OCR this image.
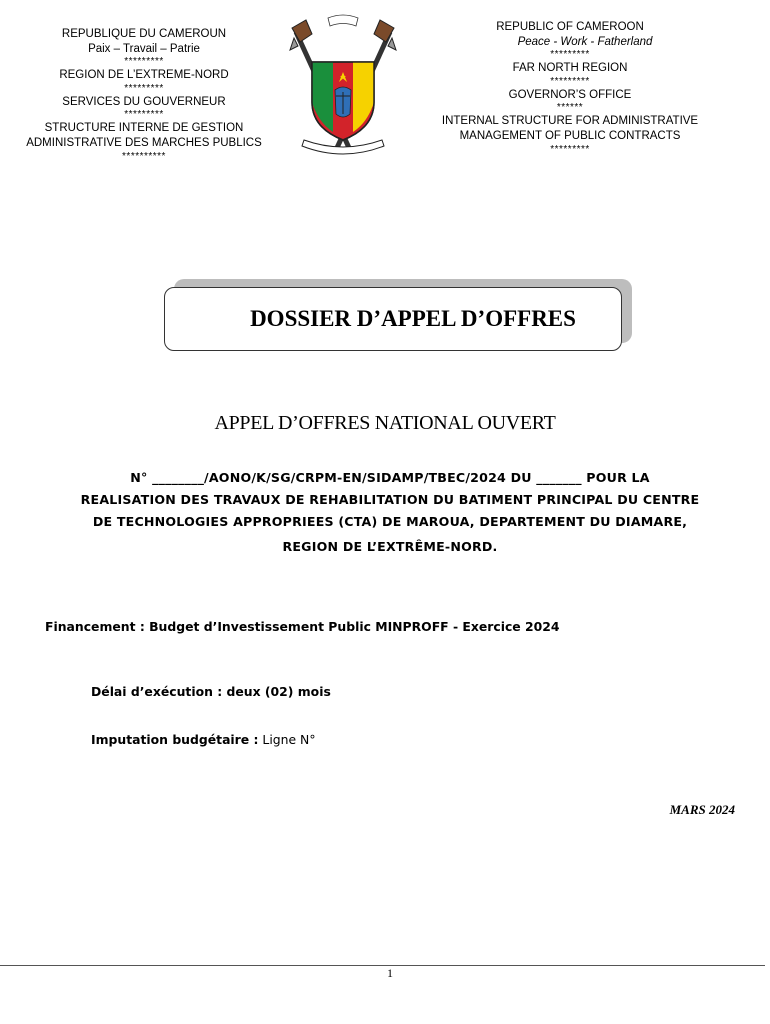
REPUBLIQUE DU CAMEROUN
Paix – Travail – Patrie
*********
REGION DE L’EXTREME-NORD
*********
SERVICES DU GOUVERNEUR
*********
STRUCTURE INTERNE DE GESTION
ADMINISTRATIVE DES MARCHES PUBLICS
**********
REPUBLIC OF CAMEROON
Peace - Work - Fatherland
*********
FAR NORTH REGION
*********
GOVERNOR’S OFFICE
******
INTERNAL STRUCTURE FOR ADMINISTRATIVE
MANAGEMENT OF PUBLIC CONTRACTS
*********
DOSSIER D’APPEL D’OFFRES
APPEL D’OFFRES NATIONAL OUVERT
N° ________/AONO/K/SG/CRPM-EN/SIDAMP/TBEC/2024 DU _______ POUR LA
REALISATION DES TRAVAUX DE REHABILITATION DU BATIMENT PRINCIPAL DU CENTRE
DE TECHNOLOGIES APPROPRIEES (CTA) DE MAROUA, DEPARTEMENT DU DIAMARE,
REGION DE L’EXTRÊME-NORD.
Financement : Budget d’Investissement Public MINPROFF - Exercice 2024
Délai d’exécution : deux (02) mois
Imputation budgétaire : Ligne N°
MARS 2024
1
